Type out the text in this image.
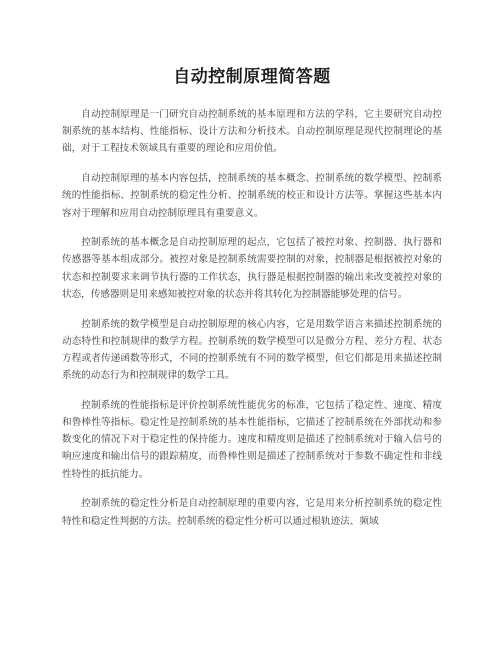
自动控制原理简答题

自动控制原理是一门研究自动控制系统的基本原理和方法的学科，它主要研究自动控制系统的基本结构、性能指标、设计方法和分析技术。自动控制原理是现代控制理论的基础，对于工程技术领域具有重要的理论和应用价值。

自动控制原理的基本内容包括，控制系统的基本概念、控制系统的数学模型、控制系统的性能指标、控制系统的稳定性分析、控制系统的校正和设计方法等。掌握这些基本内容对于理解和应用自动控制原理具有重要意义。

控制系统的基本概念是自动控制原理的起点，它包括了被控对象、控制器、执行器和传感器等基本组成部分。被控对象是控制系统需要控制的对象，控制器是根据被控对象的状态和控制要求来调节执行器的工作状态，执行器是根据控制器的输出来改变被控对象的状态，传感器则是用来感知被控对象的状态并将其转化为控制器能够处理的信号。

控制系统的数学模型是自动控制原理的核心内容，它是用数学语言来描述控制系统的动态特性和控制规律的数学方程。控制系统的数学模型可以是微分方程、差分方程、状态方程或者传递函数等形式，不同的控制系统有不同的数学模型，但它们都是用来描述控制系统的动态行为和控制规律的数学工具。

控制系统的性能指标是评价控制系统性能优劣的标准，它包括了稳定性、速度、精度和鲁棒性等指标。稳定性是控制系统的基本性能指标，它描述了控制系统在外部扰动和参数变化的情况下对于稳定性的保持能力。速度和精度则是描述了控制系统对于输入信号的响应速度和输出信号的跟踪精度，而鲁棒性则是描述了控制系统对于参数不确定性和非线性特性的抵抗能力。

控制系统的稳定性分析是自动控制原理的重要内容，它是用来分析控制系统的稳定性特性和稳定性判据的方法。控制系统的稳定性分析可以通过根轨迹法、频域
